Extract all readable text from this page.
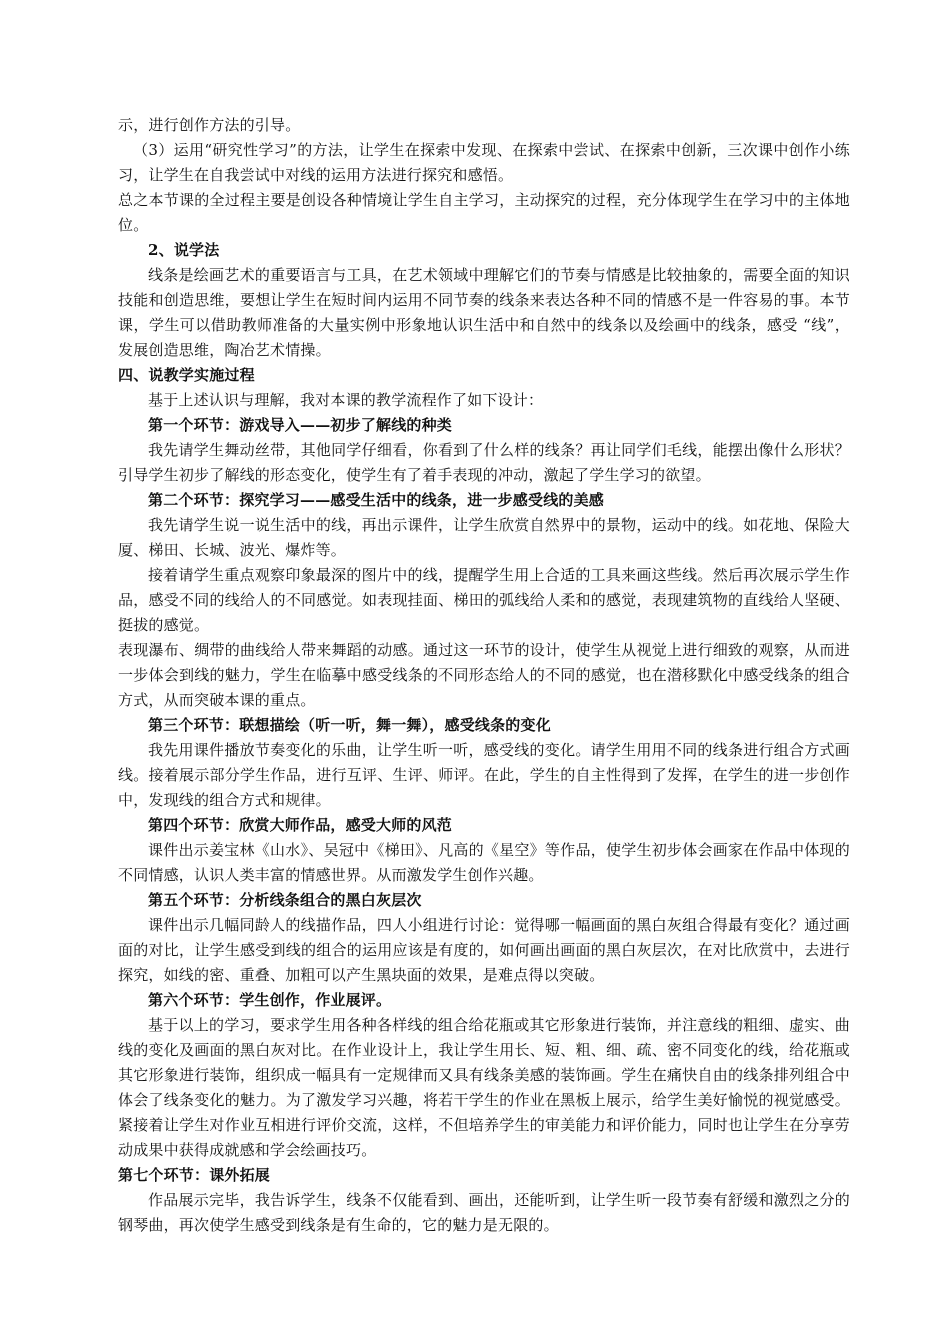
示，进行创作方法的引导。

（3）运用“研究性学习”的方法，让学生在探索中发现、在探索中尝试、在探索中创新，三次课中创作小练习，让学生在自我尝试中对线的运用方法进行探究和感悟。

总之本节课的全过程主要是创设各种情境让学生自主学习，主动探究的过程，充分体现学生在学习中的主体地位。

2、说学法

线条是绘画艺术的重要语言与工具，在艺术领域中理解它们的节奏与情感是比较抽象的，需要全面的知识技能和创造思维，要想让学生在短时间内运用不同节奏的线条来表达各种不同的情感不是一件容易的事。本节课，学生可以借助教师准备的大量实例中形象地认识生活中和自然中的线条以及绘画中的线条，感受 “线”，发展创造思维，陶冶艺术情操。

四、说教学实施过程

基于上述认识与理解，我对本课的教学流程作了如下设计：

第一个环节：游戏导入——初步了解线的种类

我先请学生舞动丝带，其他同学仔细看，你看到了什么样的线条？再让同学们毛线，能摆出像什么形状？引导学生初步了解线的形态变化，使学生有了着手表现的冲动，激起了学生学习的欲望。

第二个环节：探究学习——感受生活中的线条，进一步感受线的美感

我先请学生说一说生活中的线，再出示课件，让学生欣赏自然界中的景物，运动中的线。如花地、保险大厦、梯田、长城、波光、爆炸等。

接着请学生重点观察印象最深的图片中的线，提醒学生用上合适的工具来画这些线。然后再次展示学生作品，感受不同的线给人的不同感觉。如表现挂面、梯田的弧线给人柔和的感觉，表现建筑物的直线给人坚硬、挺拔的感觉。

表现瀑布、绸带的曲线给人带来舞蹈的动感。通过这一环节的设计，使学生从视觉上进行细致的观察，从而进一步体会到线的魅力，学生在临摹中感受线条的不同形态给人的不同的感觉，也在潜移默化中感受线条的组合方式，从而突破本课的重点。

第三个环节：联想描绘（听一听，舞一舞），感受线条的变化

我先用课件播放节奏变化的乐曲，让学生听一听，感受线的变化。请学生用用不同的线条进行组合方式画线。接着展示部分学生作品，进行互评、生评、师评。在此，学生的自主性得到了发挥，在学生的进一步创作中，发现线的组合方式和规律。

第四个环节：欣赏大师作品，感受大师的风范

课件出示姜宝林《山水》、吴冠中《梯田》、凡高的《星空》等作品，使学生初步体会画家在作品中体现的不同情感，认识人类丰富的情感世界。从而激发学生创作兴趣。

第五个环节：分析线条组合的黑白灰层次

课件出示几幅同龄人的线描作品，四人小组进行讨论：觉得哪一幅画面的黑白灰组合得最有变化？通过画面的对比，让学生感受到线的组合的运用应该是有度的，如何画出画面的黑白灰层次，在对比欣赏中，去进行探究，如线的密、重叠、加粗可以产生黑块面的效果，是难点得以突破。

第六个环节：学生创作，作业展评。

基于以上的学习，要求学生用各种各样线的组合给花瓶或其它形象进行装饰，并注意线的粗细、虚实、曲线的变化及画面的黑白灰对比。在作业设计上，我让学生用长、短、粗、细、疏、密不同变化的线，给花瓶或其它形象进行装饰，组织成一幅具有一定规律而又具有线条美感的装饰画。学生在痛快自由的线条排列组合中体会了线条变化的魅力。为了激发学习兴趣，将若干学生的作业在黑板上展示，给学生美好愉悦的视觉感受。紧接着让学生对作业互相进行评价交流，这样，不但培养学生的审美能力和评价能力，同时也让学生在分享劳动成果中获得成就感和学会绘画技巧。

第七个环节：课外拓展

作品展示完毕，我告诉学生，线条不仅能看到、画出，还能听到，让学生听一段节奏有舒缓和激烈之分的钢琴曲，再次使学生感受到线条是有生命的，它的魅力是无限的。
